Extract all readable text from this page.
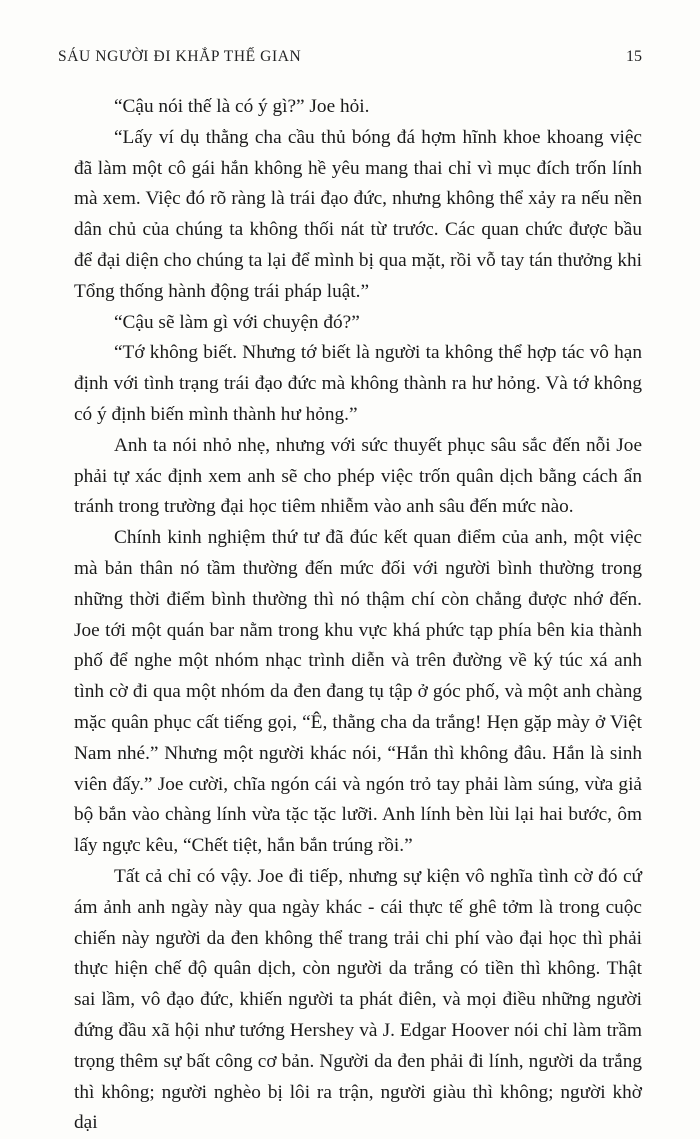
SÁU NGƯỜI ĐI KHẮP THẾ GIAN	15

“Cậu nói thế là có ý gì?” Joe hỏi.

“Lấy ví dụ thằng cha cầu thủ bóng đá hợm hĩnh khoe khoang việc đã làm một cô gái hắn không hề yêu mang thai chỉ vì mục đích trốn lính mà xem. Việc đó rõ ràng là trái đạo đức, nhưng không thể xảy ra nếu nền dân chủ của chúng ta không thối nát từ trước. Các quan chức được bầu để đại diện cho chúng ta lại để mình bị qua mặt, rồi vỗ tay tán thưởng khi Tổng thống hành động trái pháp luật.”

“Cậu sẽ làm gì với chuyện đó?”

“Tớ không biết. Nhưng tớ biết là người ta không thể hợp tác vô hạn định với tình trạng trái đạo đức mà không thành ra hư hỏng. Và tớ không có ý định biến mình thành hư hỏng.”

Anh ta nói nhỏ nhẹ, nhưng với sức thuyết phục sâu sắc đến nỗi Joe phải tự xác định xem anh sẽ cho phép việc trốn quân dịch bằng cách ẩn tránh trong trường đại học tiêm nhiễm vào anh sâu đến mức nào.

Chính kinh nghiệm thứ tư đã đúc kết quan điểm của anh, một việc mà bản thân nó tầm thường đến mức đối với người bình thường trong những thời điểm bình thường thì nó thậm chí còn chẳng được nhớ đến. Joe tới một quán bar nằm trong khu vực khá phức tạp phía bên kia thành phố để nghe một nhóm nhạc trình diễn và trên đường về ký túc xá anh tình cờ đi qua một nhóm da đen đang tụ tập ở góc phố, và một anh chàng mặc quân phục cất tiếng gọi, “Ê, thằng cha da trắng! Hẹn gặp mày ở Việt Nam nhé.” Nhưng một người khác nói, “Hắn thì không đâu. Hắn là sinh viên đấy.” Joe cười, chĩa ngón cái và ngón trỏ tay phải làm súng, vừa giả bộ bắn vào chàng lính vừa tặc tặc lưỡi. Anh lính bèn lùi lại hai bước, ôm lấy ngực kêu, “Chết tiệt, hắn bắn trúng rồi.”

Tất cả chỉ có vậy. Joe đi tiếp, nhưng sự kiện vô nghĩa tình cờ đó cứ ám ảnh anh ngày này qua ngày khác - cái thực tế ghê tởm là trong cuộc chiến này người da đen không thể trang trải chi phí vào đại học thì phải thực hiện chế độ quân dịch, còn người da trắng có tiền thì không. Thật sai lầm, vô đạo đức, khiến người ta phát điên, và mọi điều những người đứng đầu xã hội như tướng Hershey và J. Edgar Hoover nói chỉ làm trầm trọng thêm sự bất công cơ bản. Người da đen phải đi lính, người da trắng thì không; người nghèo bị lôi ra trận, người giàu thì không; người khờ dại
